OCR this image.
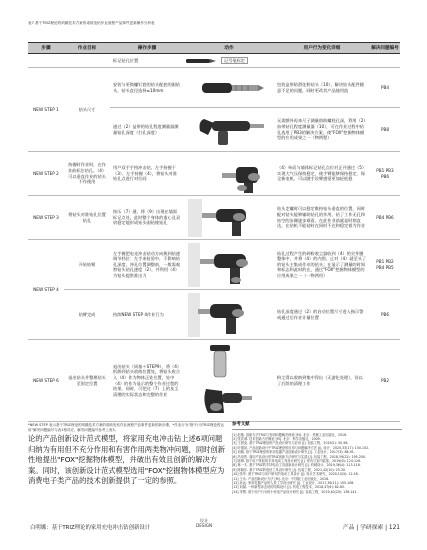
表7 基于TRIZ理论的烦躁技术方案的诺欧电钻作业流程产品事件更新操作分析表
步骤	作业目标	操作步骤	动作	用户行为变化详细	解决问题编号
		标记钻孔位置	记号笔标定		

NEW STEP 1	钻头尺寸	安装与更换螺钉套的钻头配套的刚钻头，钻头直径选择≤10mm		包装盒带防滑化粉钻头（10），解决钻头配件随意不足的问题，同时更改其产品使用流	PB4
		通过（2）益带的钻孔程度测量器测量钻孔深度（打孔深度）		无需额外再来尺子测量借助螺栓孔深，利用（2）血带钻孔程度测量器（10），可在作业过程中钻孔选用了PB3的解决方案，使"FOX"挖掘物体模型的应用成果之一（物例程）	PB8
NEW STEP 2	持握时作业时，在作业前标注钻孔。（4）可以垂直作业的钻头不作使用	用户双手手持冲击钻，左手持握于（3）、左手持握（4），将钻头对准钻孔点进行对位同		（4）单而与墙体标记钻孔点位对正并通过（5）实现大气压保持稳定，使手臂能够保持稳定、保全新电机、可以随手设臂感觉更加轻松稳	PB1 PB3 PB6
NEW STEP 3	将钻头对准钻孔位置钻孔	按压（7）通，将（9）出现在墙面标记点处，此时整个身体的重心及双肩稳定地形成钻头刚钻使钻孔		钻头走螺时可以稳定维持钻头垂直的位置，同时配对钻头能够辅助钻孔的作用，钻了工作无孔和钻空的步骤逐步难看，在此作业前就是时刻直达，在钻机不能钻时在同时不在和稳定着为作业	PB4 PB6
NEW STEP 4	开始钻臂	左手握把电光冲击钻动方向换到钻速调节档位：左手来检验中，不影响钻孔深度，冲孔位置调整前，一般需观察钻头钻孔速度（2），并利用（4）为钻头提供准出力		钻孔过程产生的碎粉收尘器收到（4）的尖井膜整体中，并将（4）的内图，止对（4）就至头了的钻头主集成作业的钻头；在显示了测量的时间和标志和此时的在，通过"FOX"挖掘物体模型的应用成果之一（一物两用）	PB1 PB2 PB4 PB5
	钻臂完成	持续NEW STEP 4作业行为		钻孔深度通过（2）的启动位置尺寸进入指示警戒通过后作业计量位置	PB6
NEW STEP 6	退出钻头并整理钻头至固定位置	退出钻头（同基＋STEP9），将（4）拆卸到钻头收纳位置处，将钻头收合入（4）作为物体正处位置，处中（4）的作为显示的整个作业过程的结果，同时，可把这（7）上的灰尘清理的实际状态和完整的作业		粉尘得以收纳到集中得出（无游化处理），设以了后续的清理工作	PB2
*NEW STEP 表示基于TRIZ理论的烦躁技术方案的诺欧电钻作业流程产品事件更新的新步骤，*作业行为"指"行为TRIZ理论的运用"解决问题编号与表1相对应，解决问题编号参考上表3。
参考文献
[1] 赵敏. 创新方法TRIZ与发明问题解决理论 [M]. 北京：机械工业出版社，2016.
[2] 张武城. 技术创新方法概论 [M]. 北京：科学出版社，2009.
[3] 王晨炎. 基于TRIZ理论的产品设计研究与应用 [J]. 包装工程，2019(1): 50-56.
[4] 叶德泉. 产品创新设计中TRIZ理论的应用与问题解决方法 [J]. 设计，2020,33(17): 150-152.
[5] 刘晓. 基于TRIZ理论的家用电器产品创新设计研究 [J]. 工业设计，2017(3): 88-91.
[6] 冯培恩. 面向产品设计的TRIZ创新方法研究与实践 [J]. 包装工程，2018,39(22): 195-200.
[7] 陈锋. 基于用户体验的手持电动工具设计研究 [J]. 家具与室内装饰，2019(6): 124-126.
[8] 林一夫. 基于TRIZ的手持电动工具创新设计研究 [J]. 机械设计，2019,36(4): 113-118.
[9] 陈晓东. 基于TRIZ的电钻工具设计研究 [J]. 包装工程，2021,42(10): 25-30.
[10] 张华. 基于TRIZ与用户研究的电动工具设计 [J]. 设计艺术研究，2020,10(5): 12-16.
[11] 王永. 产品创新设计方法 [M]. 北京：中国轻工业出版社，2018.
[12] 孙远. 家用电器产品的人机工学设计研究 [J]. 工业设计，2017,36(11): 105-108.
[13] 刘斌. 一种新型冲击钻的结构设计 [J]. 机电工程技术，2018,47(6): 82-85.
[14] 李慧. 基于用户行为的小家电产品设计研究 [J]. 包装工程，2019,40(20): 136-141.
论的产品创新设计范式模型，将家用充电冲击钻上述6项问题归纳为有用但不充分作用和有害作用两类物冲问题，同时创新性地提出"FOX"挖掘物体模型，并破出有效且创新的解决方案。同时，该创新设计范式模型选用"FOX"挖掘物体模型应为消费电子类产品的技术创新提供了一定的参照。
白明娜：基于TRIZ理论的家用充电冲击钻创新设计
设计
DESIGN	产品 | 学研探索 | 121
